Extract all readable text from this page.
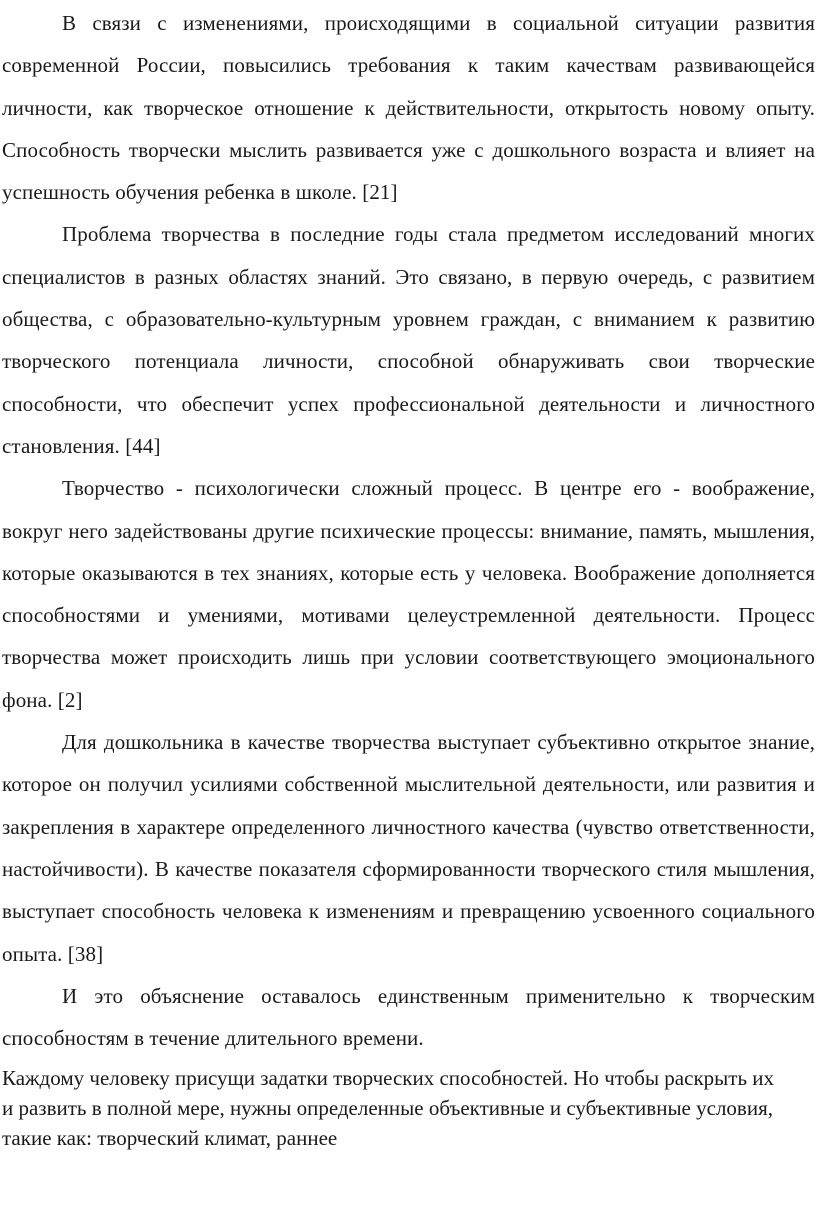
В связи с изменениями, происходящими в социальной ситуации развития современной России, повысились требования к таким качествам развивающейся личности, как творческое отношение к действительности, открытость новому опыту. Способность творчески мыслить развивается уже с дошкольного возраста и влияет на успешность обучения ребенка в школе. [21]

Проблема творчества в последние годы стала предметом исследований многих специалистов в разных областях знаний. Это связано, в первую очередь, с развитием общества, с образовательно-культурным уровнем граждан, с вниманием к развитию творческого потенциала личности, способной обнаруживать свои творческие способности, что обеспечит успех профессиональной деятельности и личностного становления. [44]

Творчество - психологически сложный процесс. В центре его - воображение, вокруг него задействованы другие психические процессы: внимание, память, мышления, которые оказываются в тех знаниях, которые есть у человека. Воображение дополняется способностями и умениями, мотивами целеустремленной деятельности. Процесс творчества может происходить лишь при условии соответствующего эмоционального фона. [2]

Для дошкольника в качестве творчества выступает субъективно открытое знание, которое он получил усилиями собственной мыслительной деятельности, или развития и закрепления в характере определенного личностного качества (чувство ответственности, настойчивости). В качестве показателя сформированности творческого стиля мышления, выступает способность человека к изменениям и превращению усвоенного социального опыта. [38]

И это объяснение оставалось единственным применительно к творческим способностям в течение длительного времени.

Каждому человеку присущи задатки творческих способностей. Но чтобы раскрыть их и развить в полной мере, нужны определенные объективные и субъективные условия, такие как: творческий климат, раннее
